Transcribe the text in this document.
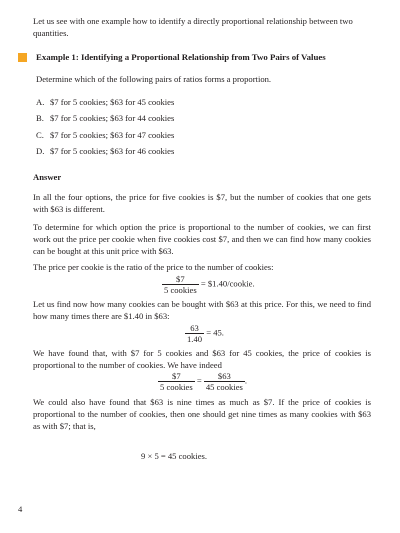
Let us see with one example how to identify a directly proportional relationship between two quantities.
Example 1: Identifying a Proportional Relationship from Two Pairs of Values
Determine which of the following pairs of ratios forms a proportion.
A. $7 for 5 cookies; $63 for 45 cookies
B. $7 for 5 cookies; $63 for 44 cookies
C. $7 for 5 cookies; $63 for 47 cookies
D. $7 for 5 cookies; $63 for 46 cookies
Answer
In all the four options, the price for five cookies is $7, but the number of cookies that one gets with $63 is different.
To determine for which option the price is proportional to the number of cookies, we can first work out the price per cookie when five cookies cost $7, and then we can find how many cookies can be bought at this unit price with $63.
The price per cookie is the ratio of the price to the number of cookies:
$\frac{\$7}{\text{5 cookies}}$ = $1.40/cookie.
Let us find now how many cookies can be bought with $63 at this price. For this, we need to find how many times there are $1.40 in $63:
$\frac{63}{1.40} = 45$.
We have found that, with $7 for 5 cookies and $63 for 45 cookies, the price of cookies is proportional to the number of cookies. We have indeed
$\frac{\$7}{\text{5 cookies}} = \frac{\$63}{\text{45 cookies}}$ .
We could also have found that $63 is nine times as much as $7. If the price of cookies is proportional to the number of cookies, then one should get nine times as many cookies with $63 as with $7; that is,
9 × 5 = 45 cookies.
4
